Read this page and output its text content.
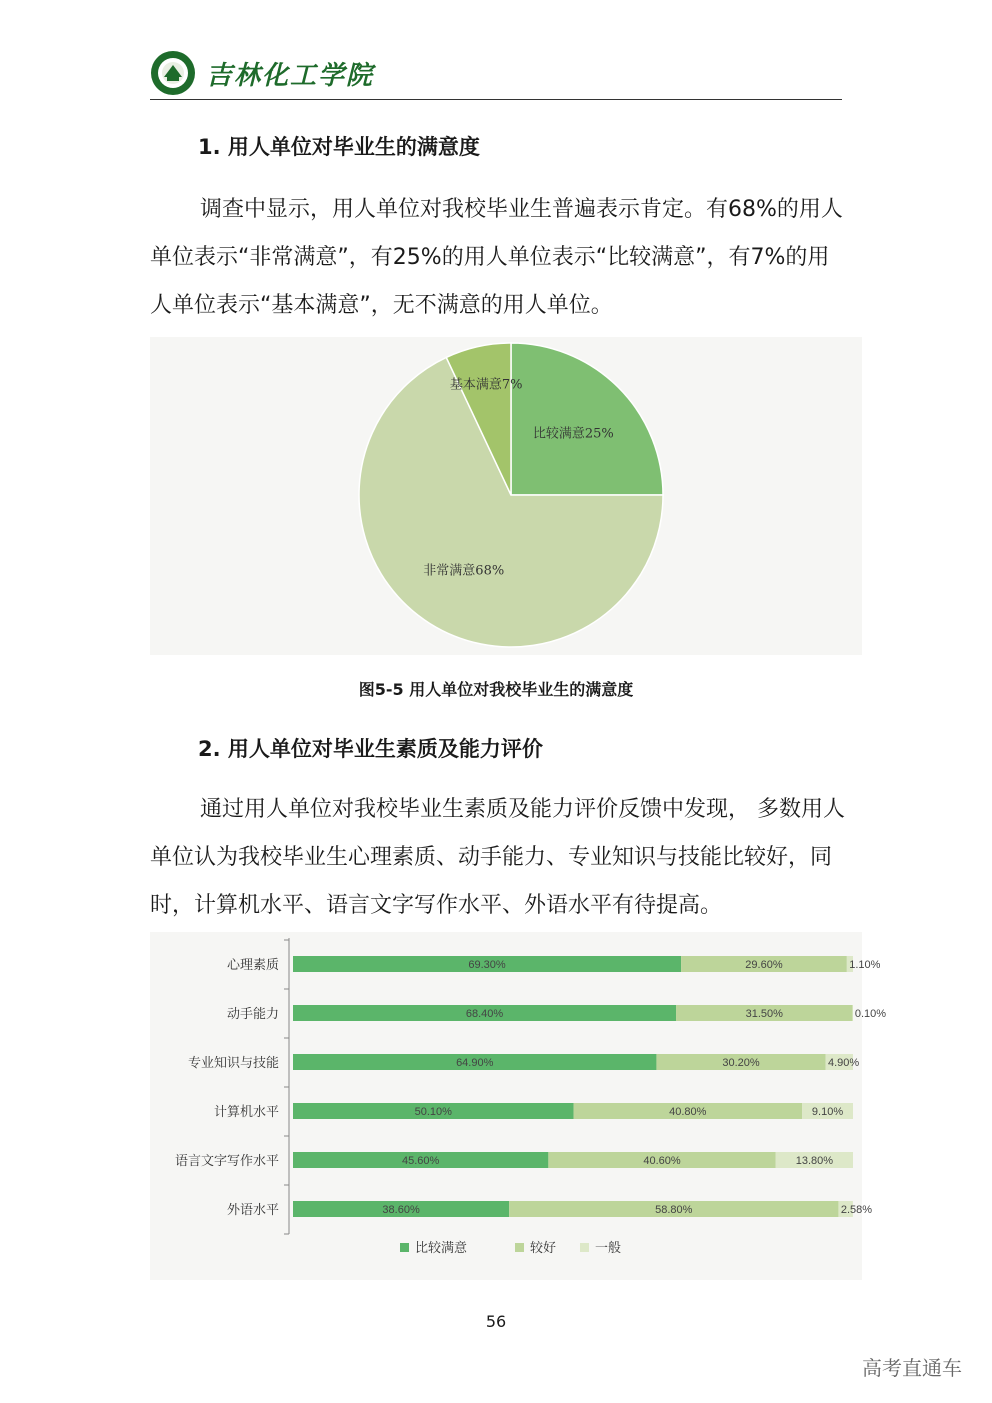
吉林化工学院
1. 用人单位对毕业生的满意度

调查中显示，用人单位对我校毕业生普遍表示肯定。有68%的用人单位表示“非常满意”，有25%的用人单位表示“比较满意”，有7%的用人单位表示“基本满意”，无不满意的用人单位。

比较满意25%
非常满意68%
基本满意7%
图5-5 用人单位对我校毕业生的满意度
2. 用人单位对毕业生素质及能力评价

通过用人单位对我校毕业生素质及能力评价反馈中发现， 多数用人单位认为我校毕业生心理素质、动手能力、专业知识与技能比较好，同时，计算机水平、语言文字写作水平、外语水平有待提高。

心理素质	69.30%	29.60%	1.10%
动手能力	68.40%	31.50%	0.10%
专业知识与技能	64.90%	30.20%	4.90%
计算机水平	50.10%	40.80%	9.10%
语言文字写作水平	45.60%	40.60%	13.80%
外语水平	38.60%	58.80%	2.58%
比较满意	较好	一般
56
高考直通车
